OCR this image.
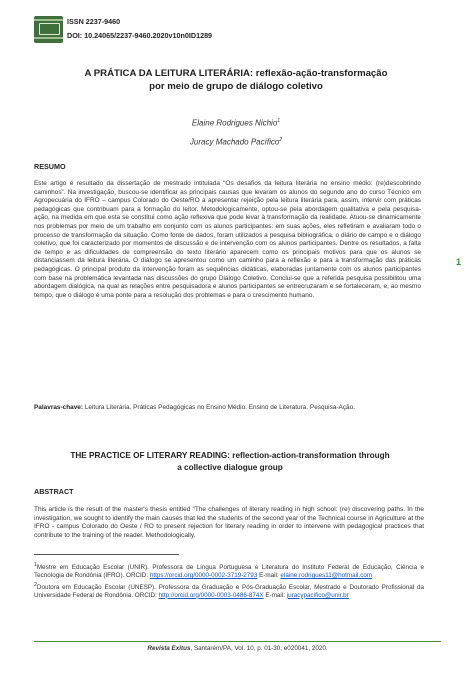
ISSN 2237-9460
DOI: 10.24065/2237-9460.2020v10n0ID1289
A PRÁTICA DA LEITURA LITERÁRIA: reflexão-ação-transformação
por meio de grupo de diálogo coletivo
Elaine Rodrigues Nichio$^1$
Juracy Machado Pacífico$^2$
RESUMO
Este artigo é resultado da dissertação de mestrado intitulada “Os desafios da leitura literária no ensino médio: (re)descobrindo caminhos”. Na investigação, buscou-se identificar as principais causas que levaram os alunos do segundo ano do curso Técnico em Agropecuária do IFRO – campus Colorado do Oeste/RO a apresentar rejeição pela leitura literária para, assim, intervir com práticas pedagógicas que contribuam para a formação do leitor. Metodologicamente, optou-se pela abordagem qualitativa e pela pesquisa-ação, na medida em que esta se constitui como ação reflexiva que pode levar à transformação da realidade. Atuou-se dinamicamente nos problemas por meio de um trabalho em conjunto com os alunos participantes: em suas ações, eles refletiram e avaliaram todo o processo de transformação da situação. Como fonte de dados, foram utilizados a pesquisa bibliográfica, o diário de campo e o diálogo coletivo, que foi caracterizado por momentos de discussão e de intervenção com os alunos participantes. Dentre os resultados, a falta de tempo e as dificuldades de compreensão do texto literário aparecem como os principais motivos para que os alunos se distanciassem da leitura literária. O diálogo se apresentou como um caminho para a reflexão e para a transformação das práticas pedagógicas. O principal produto da intervenção foram as sequências didáticas, elaboradas juntamente com os alunos participantes com base na problemática levantada nas discussões do grupo Diálogo Coletivo. Conclui-se que a referida pesquisa possibilitou uma abordagem dialógica, na qual as relações entre pesquisadora e alunos participantes se entrecruzaram e se fortaleceram, e, ao mesmo tempo, que o diálogo é uma ponte para a resolução dos problemas e para o crescimento humano.
Palavras-chave: Leitura Literária. Práticas Pedagógicas no Ensino Médio. Ensino de Literatura. Pesquisa-Ação.
THE PRACTICE OF LITERARY READING: reflection-action-transformation through
a collective dialogue group
ABSTRACT
This article is the result of the master's thesis entitled “The challenges of literary reading in high school: (re) discovering paths. In the investigation, we sought to identify the main causes that led the students of the second year of the Technical course in Agriculture at the IFRO - campus Colorado do Oeste / RO to present rejection for literary reading in order to intervene with pedagogical practices that contribute to the training of the reader. Methodologically,
$^1$Mestre em Educação Escolar (UNIR). Professora de Língua Portuguesa e Literatura do Instituto Federal de Educação, Ciência e Tecnologia de Rondônia (IFRO). ORCID: https://orcid.org/0000-0002-3719-2793 E-mail: elaine.rodrigues11@hotmail.com
$^2$Doutora em Educação Escolar (UNESP). Professora da Graduação e Pós-Graduação Escolar, Mestrado e Doutorado Profissional da Universidade Federal de Rondônia. ORCID: http://orcid.org/0000-0003-0486-874X E-mail: juracypacifico@unir.br
1
Revista Exitus, Santarém/PA, Vol. 10, p. 01-30, e020041, 2020.
